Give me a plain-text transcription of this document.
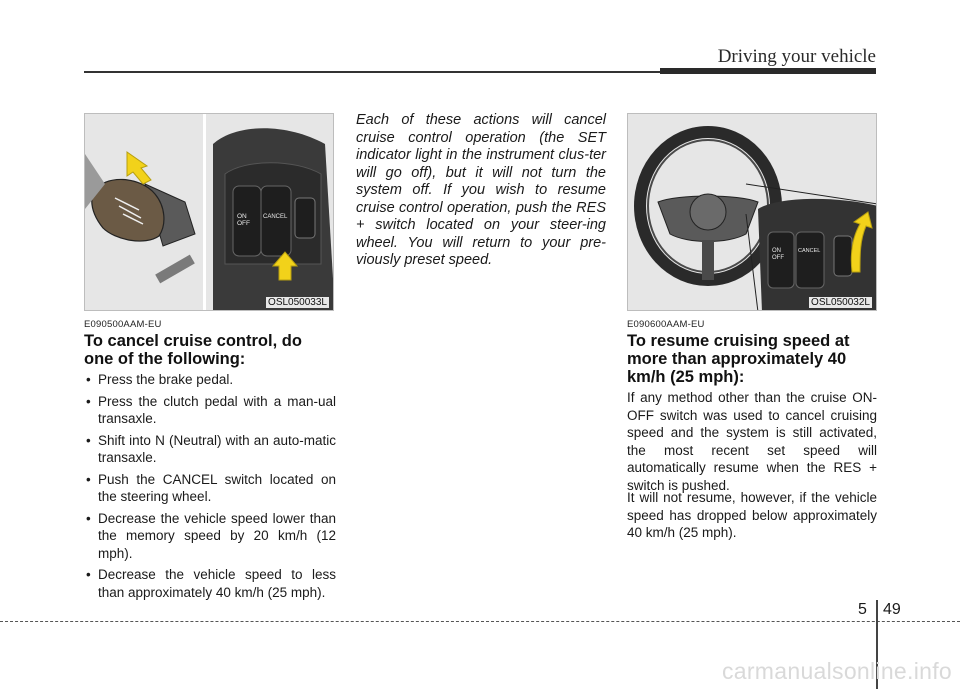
Driving your vehicle
ON
OFF
CANCEL
OSL050033L
E090500AAM-EU
To cancel cruise control, do one of the following:
• Press the brake pedal.
• Press the clutch pedal with a man-ual transaxle.
• Shift into N (Neutral) with an auto-matic transaxle.
• Push the CANCEL switch located on the steering wheel.
• Decrease the vehicle speed lower than the memory speed by 20 km/h (12 mph).
• Decrease the vehicle speed to less than approximately 40 km/h (25 mph).

Each of these actions will cancel cruise control operation (the SET indicator light in the instrument clus-ter will go off), but it will not turn the system off. If you wish to resume cruise control operation, push the RES + switch located on your steer-ing wheel. You will return to your pre-viously preset speed.

ON
OFF
CANCEL
OSL050032L
E090600AAM-EU
To resume cruising speed at more than approximately 40 km/h (25 mph):

If any method other than the cruise ON-OFF switch was used to cancel cruising speed and the system is still activated, the most recent set speed will automatically resume when the RES + switch is pushed.

It will not resume, however, if the vehicle speed has dropped below approximately 40 km/h (25 mph).

5 49
carmanualsonline.info
